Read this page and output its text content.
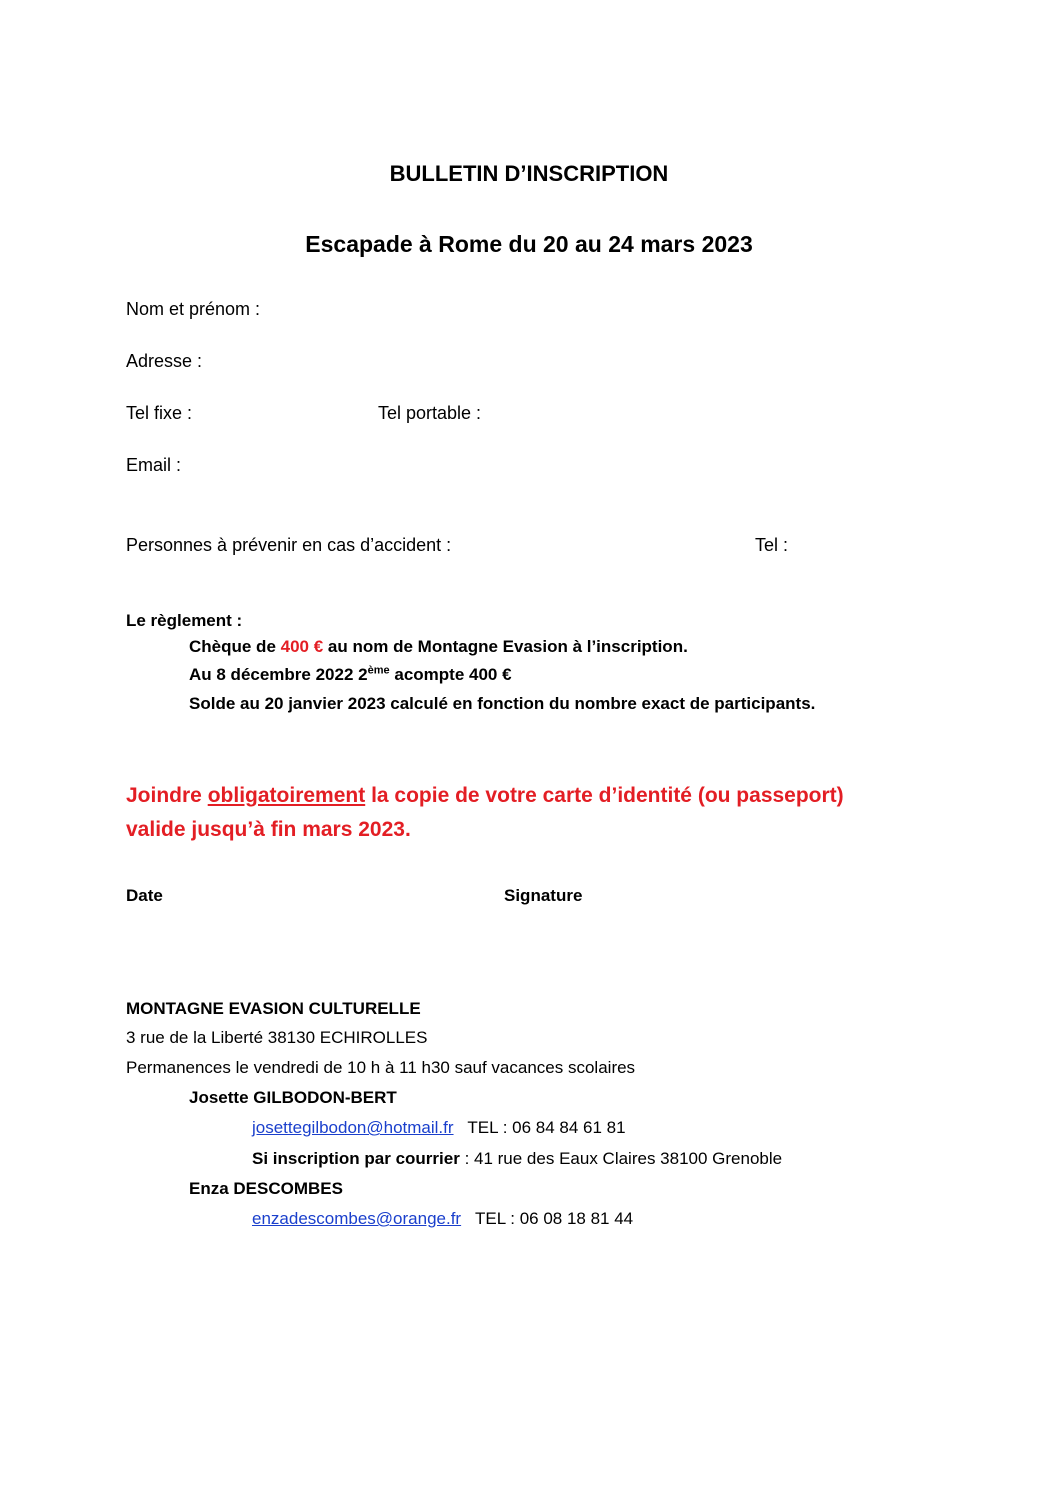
BULLETIN D’INSCRIPTION
Escapade à Rome du 20 au 24 mars 2023
Nom et prénom :
Adresse :
Tel fixe :	Tel portable :
Email :
Personnes à prévenir en cas d’accident :	Tel :
Le règlement :
Chèque de 400 € au nom de Montagne Evasion à l’inscription.
Au 8 décembre 2022 2ème acompte 400 €
Solde au 20 janvier 2023 calculé en fonction du nombre exact de participants.
Joindre obligatoirement la copie de votre carte d’identité (ou passeport)
valide jusqu’à fin mars 2023.
Date	Signature
MONTAGNE EVASION CULTURELLE
3 rue de la Liberté 38130 ECHIROLLES
Permanences le vendredi de 10 h à 11 h30 sauf vacances scolaires
Josette GILBODON-BERT
josettegilbodon@hotmail.fr TEL : 06 84 84 61 81
Si inscription par courrier : 41 rue des Eaux Claires 38100 Grenoble
Enza DESCOMBES
enzadescombes@orange.fr TEL : 06 08 18 81 44
